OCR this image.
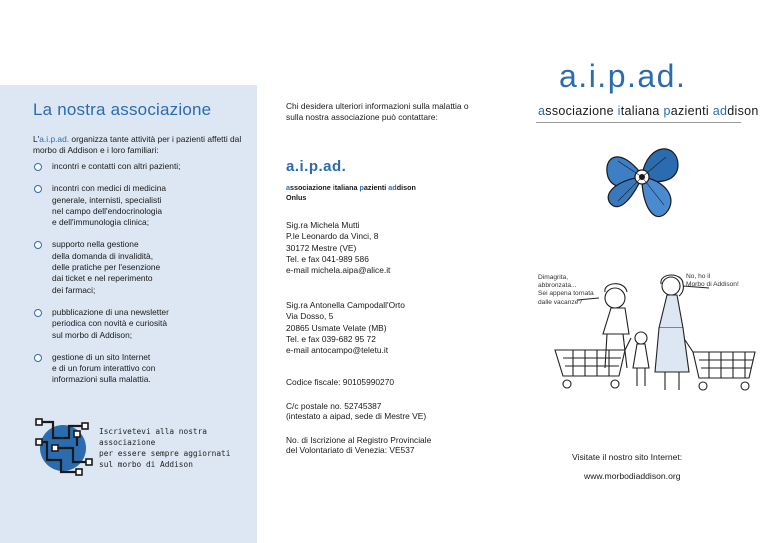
La nostra associazione
L'a.i.p.ad. organizza tante attività per i pazienti affetti dal morbo di Addison e i loro familiari:
incontri e contatti con altri pazienti;
incontri con medici di medicina
generale, internisti, specialisti
nel campo dell'endocrinologia
e dell'immunologia clinica;
supporto nella gestione
della domanda di invalidità,
delle pratiche per l'esenzione
dai ticket e nel reperimento
dei farmaci;
pubblicazione di una newsletter
periodica con novità e curiosità
sul morbo di Addison;
gestione di un sito Internet
e di un forum interattivo con
informazioni sulla malattia.
Iscrivetevi alla nostra
associazione
per essere sempre aggiornati
sul morbo di Addison
Chi desidera ulteriori informazioni sulla malattia o sulla nostra associazione può contattare:
a.i.p.ad.
associazione italiana pazienti addison
Onlus
Sig.ra Michela Mutti
P.le Leonardo da Vinci, 8
30172 Mestre (VE)
Tel. e fax 041-989 586
e-mail michela.aipa@alice.it
Sig.ra Antonella Campodall'Orto
Via Dosso, 5
20865 Usmate Velate (MB)
Tel. e fax 039-682 95 72
e-mail antocampo@teletu.it
Codice fiscale: 90105990270
C/c postale no. 52745387
(intestato a aipad, sede di Mestre VE)
No. di Iscrizione al Registro Provinciale
del Volontariato di Venezia: VE537
a.i.p.ad.
associazione italiana pazienti addison
Dimagrita,
abbronzata...
Sei appena tornata
dalle vacanze?
No, ho il
Morbo di Addison!
Visitate il nostro sito Internet:
www.morbodiaddison.org
